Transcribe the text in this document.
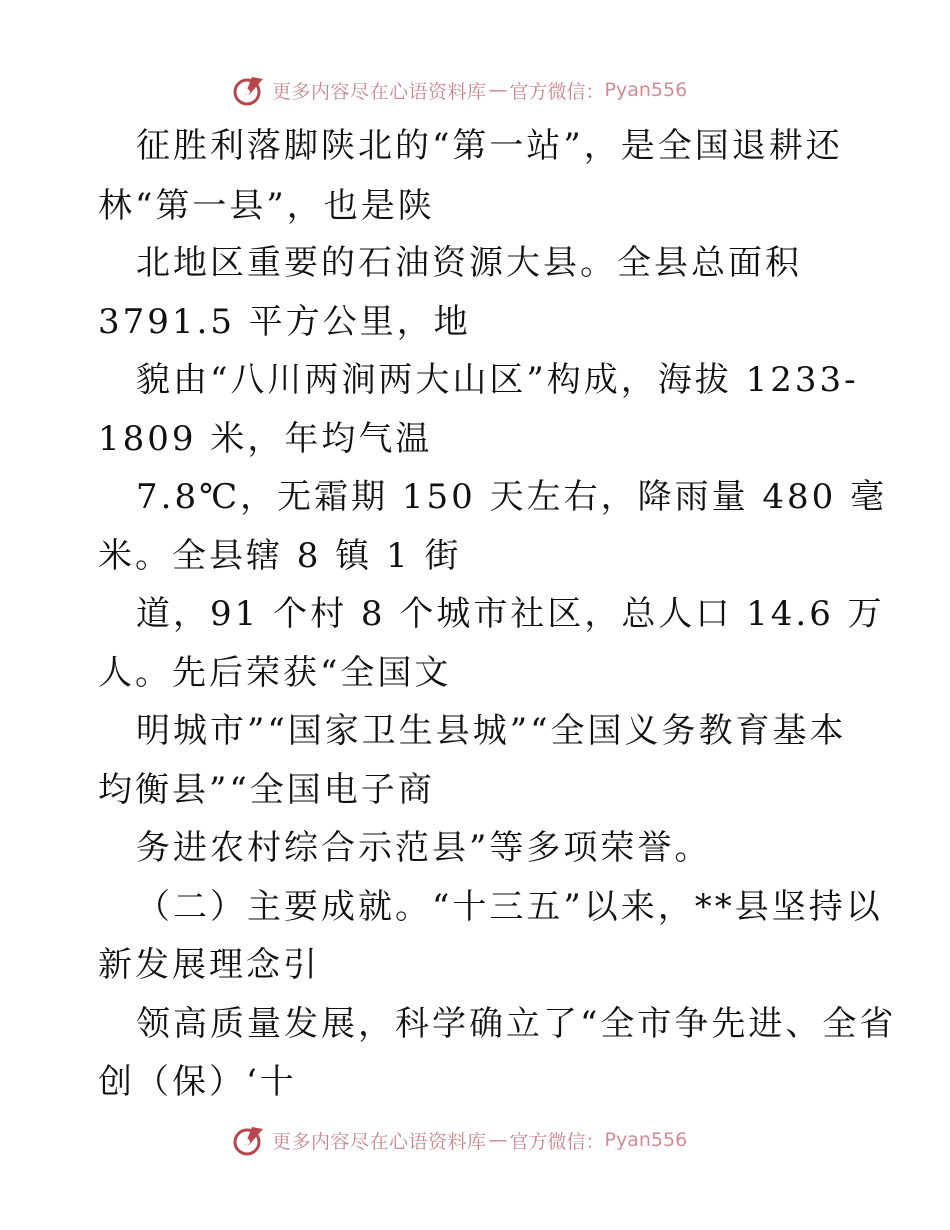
更多内容尽在心语资料库 — 官方微信： Pyan556
征胜利落脚陕北的“第一站”，是全国退耕还
林“第一县”，也是陕
北地区重要的石油资源大县。全县总面积
3791.5 平方公里，地
貌由“八川两涧两大山区”构成，海拔 1233-
1809 米，年均气温
7.8℃，无霜期 150 天左右，降雨量 480 毫
米。全县辖 8 镇 1 街
道，91 个村 8 个城市社区，总人口 14.6 万
人。先后荣获“全国文
明城市”“国家卫生县城”“全国义务教育基本
均衡县”“全国电子商
务进农村综合示范县”等多项荣誉。
（二）主要成就。“十三五”以来，**县坚持以
新发展理念引
领高质量发展，科学确立了“全市争先进、全省
创（保）‘十
更多内容尽在心语资料库 — 官方微信： Pyan556
